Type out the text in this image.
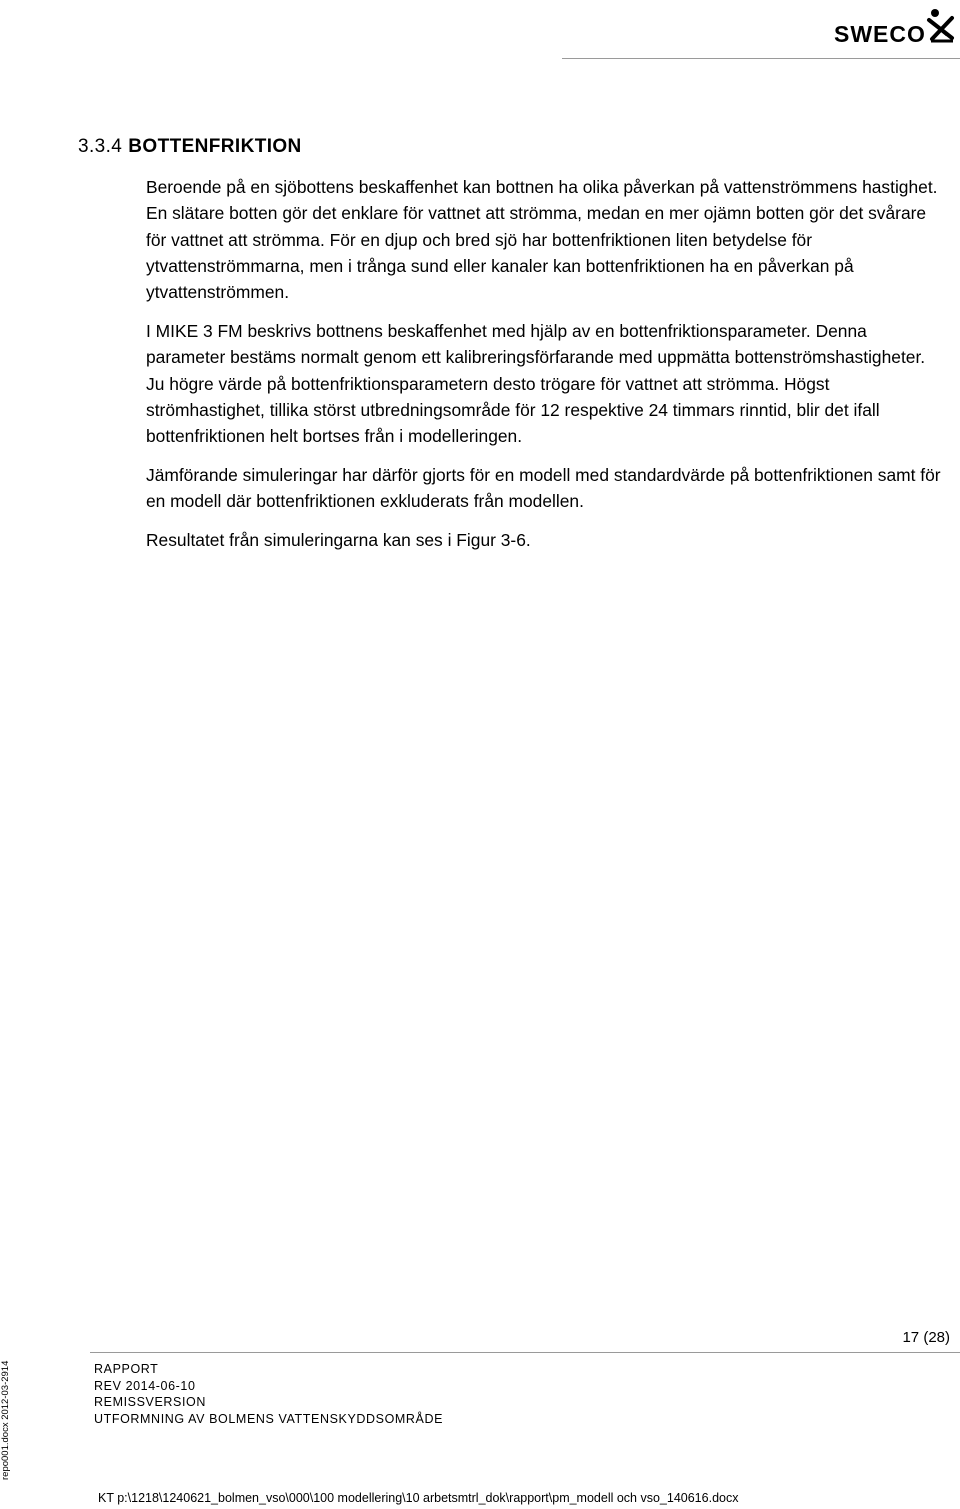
SWECO
3.3.4 BOTTENFRIKTION

Beroende på en sjöbottens beskaffenhet kan bottnen ha olika påverkan på vattenströmmens hastighet. En slätare botten gör det enklare för vattnet att strömma, medan en mer ojämn botten gör det svårare för vattnet att strömma. För en djup och bred sjö har bottenfriktionen liten betydelse för ytvattenströmmarna, men i trånga sund eller kanaler kan bottenfriktionen ha en påverkan på ytvattenströmmen.

I MIKE 3 FM beskrivs bottnens beskaffenhet med hjälp av en bottenfriktionsparameter. Denna parameter bestäms normalt genom ett kalibreringsförfarande med uppmätta bottenströmshastigheter. Ju högre värde på bottenfriktionsparametern desto trögare för vattnet att strömma. Högst strömhastighet, tillika störst utbredningsområde för 12 respektive 24 timmars rinntid, blir det ifall bottenfriktionen helt bortses från i modelleringen.

Jämförande simuleringar har därför gjorts för en modell med standardvärde på bottenfriktionen samt för en modell där bottenfriktionen exkluderats från modellen.

Resultatet från simuleringarna kan ses i Figur 3-6.

17 (28)
RAPPORT
REV 2014-06-10
REMISSVERSION
UTFORMNING AV BOLMENS VATTENSKYDDSOMRÅDE
repo001.docx 2012-03-2914
KT p:\1218\1240621_bolmen_vso\000\100 modellering\10 arbetsmtrl_dok\rapport\pm_modell och vso_140616.docx
